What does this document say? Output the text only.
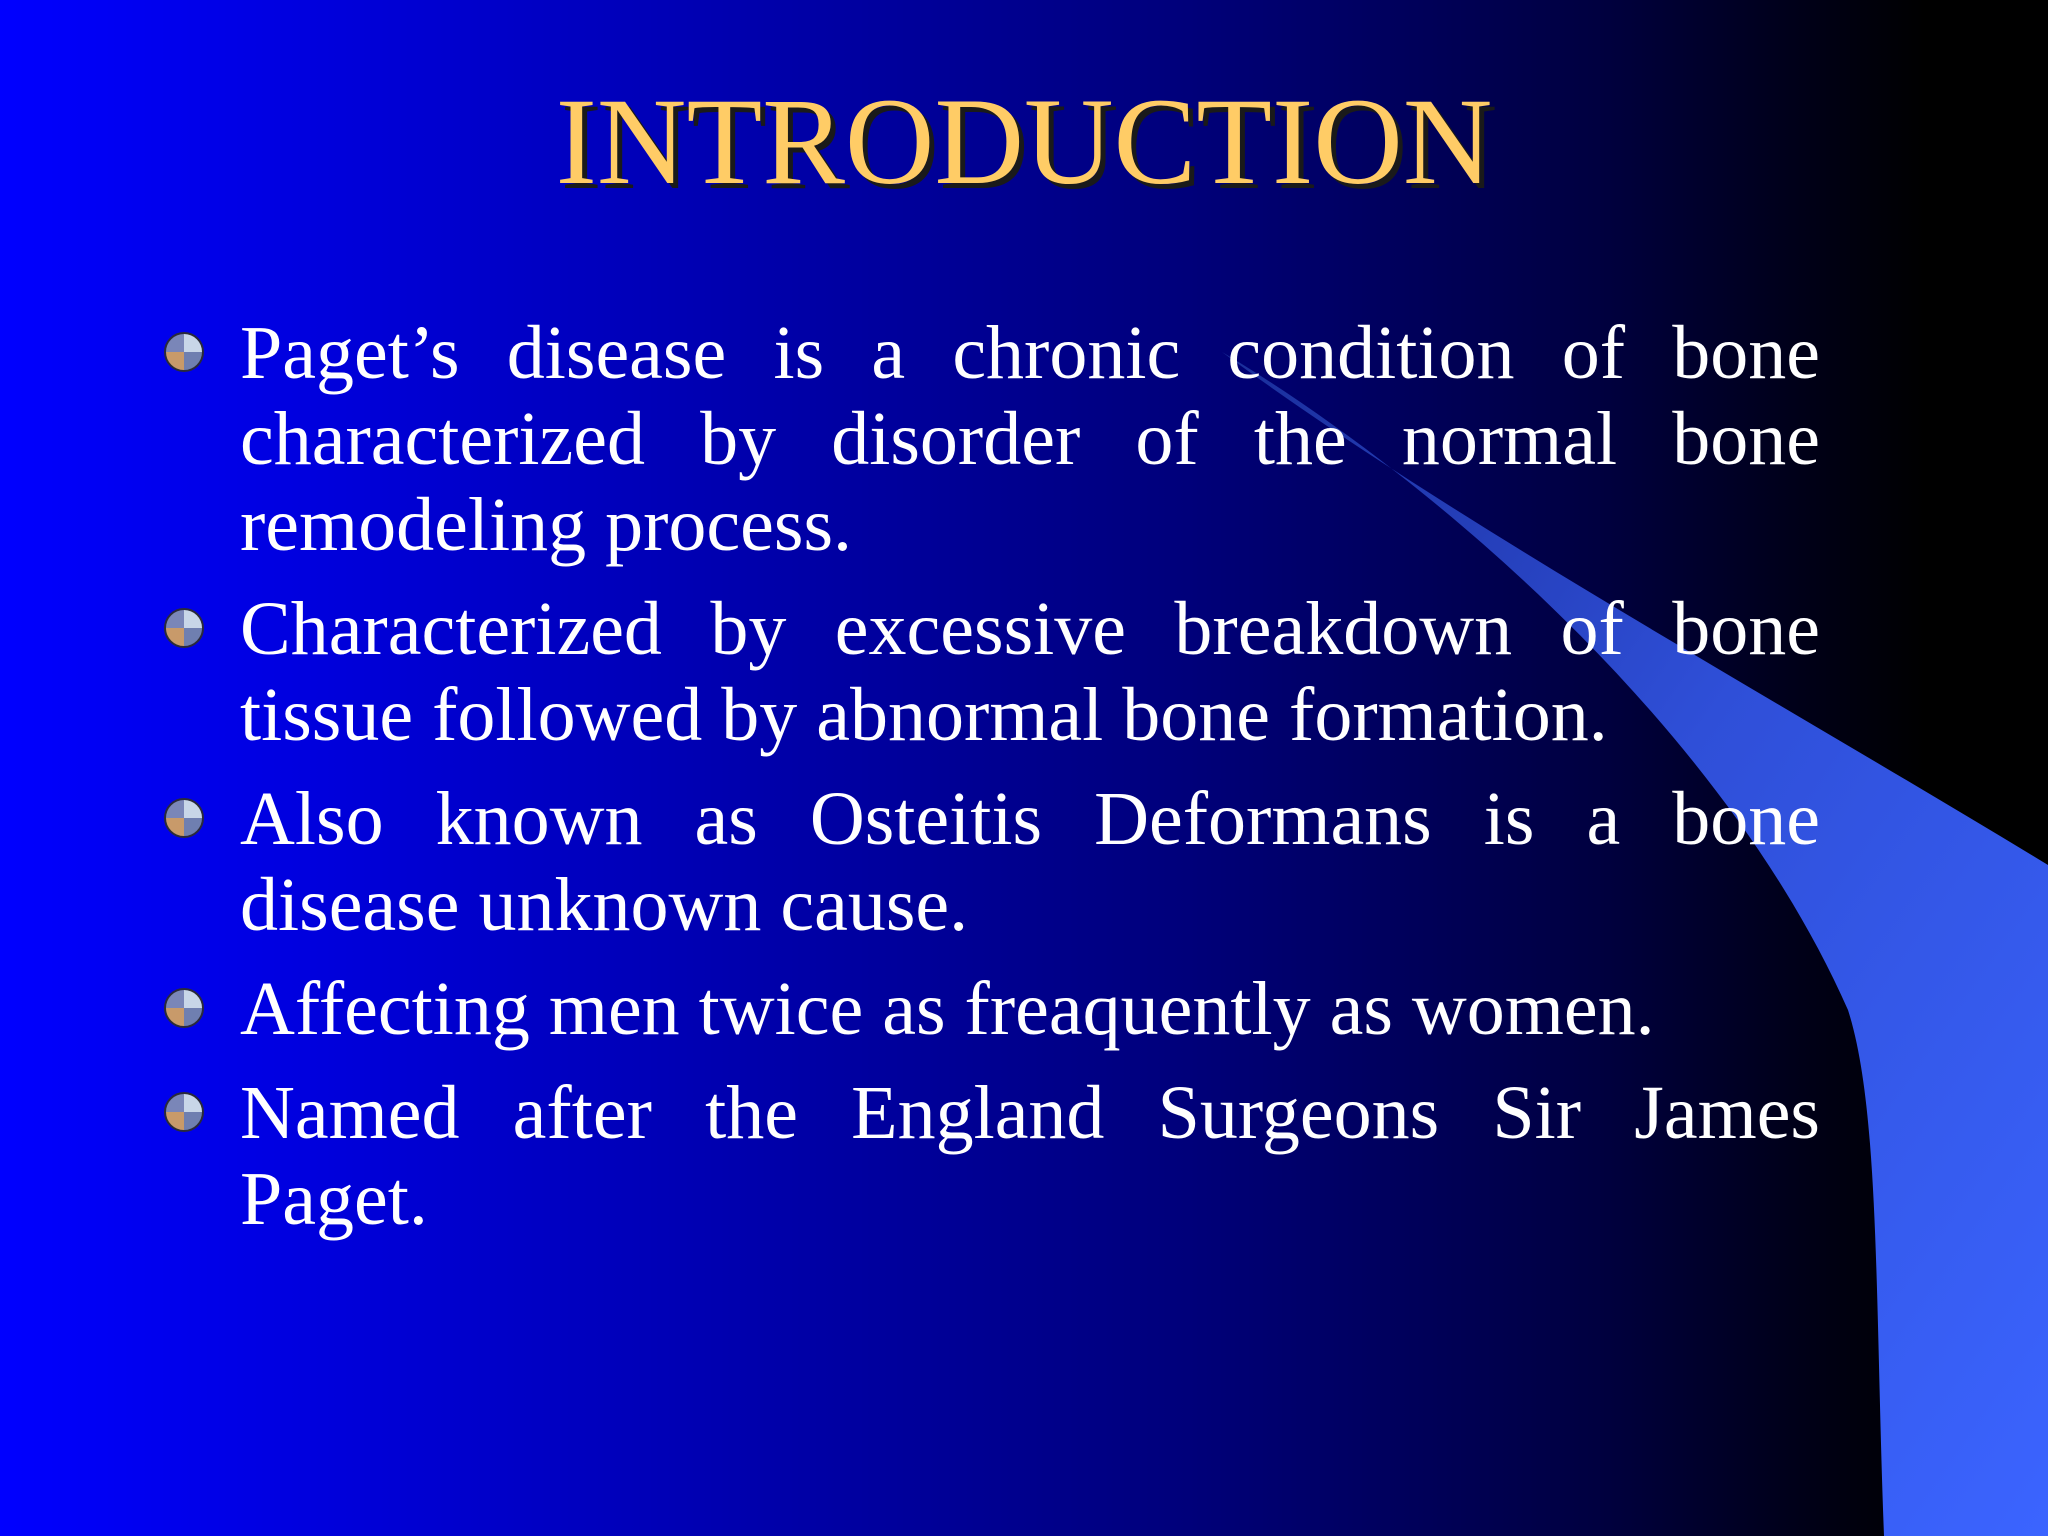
INTRODUCTION
Paget’s disease is a chronic condition of bone characterized by disorder of the normal bone remodeling process.
Characterized by excessive breakdown of bone tissue followed by abnormal bone formation.
Also known as Osteitis Deformans is a bone disease unknown cause.
Affecting men twice as freaquently as women.
Named after the England Surgeons Sir James Paget.
